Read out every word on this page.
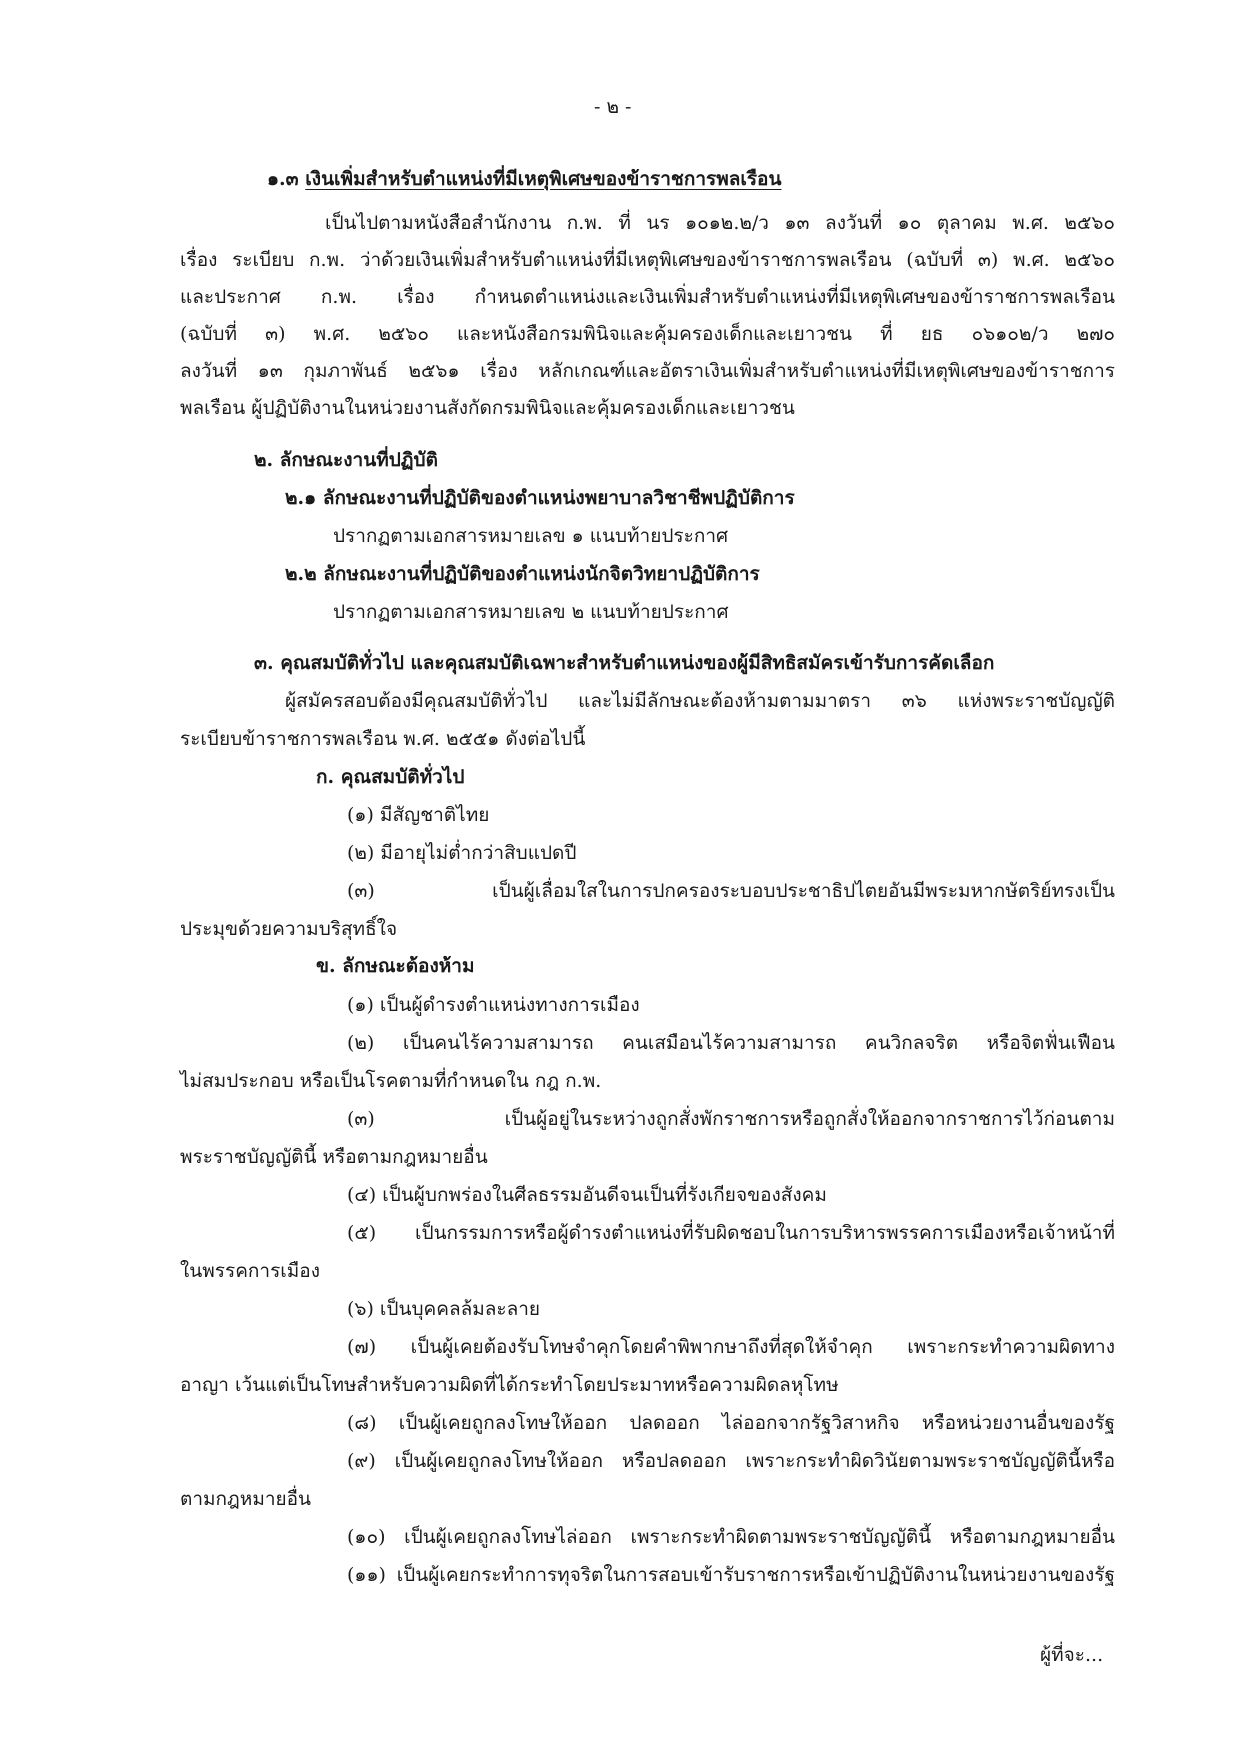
- ๒ -
๑.๓ เงินเพิ่มสำหรับตำแหน่งที่มีเหตุพิเศษของข้าราชการพลเรือน
เป็นไปตามหนังสือสำนักงาน ก.พ. ที่ นร ๑๐๑๒.๒/ว ๑๓ ลงวันที่ ๑๐ ตุลาคม พ.ศ. ๒๕๖๐
เรื่อง ระเบียบ ก.พ. ว่าด้วยเงินเพิ่มสำหรับตำแหน่งที่มีเหตุพิเศษของข้าราชการพลเรือน (ฉบับที่ ๓) พ.ศ. ๒๕๖๐
และประกาศ ก.พ. เรื่อง กำหนดตำแหน่งและเงินเพิ่มสำหรับตำแหน่งที่มีเหตุพิเศษของข้าราชการพลเรือน
(ฉบับที่ ๓) พ.ศ. ๒๕๖๐ และหนังสือกรมพินิจและคุ้มครองเด็กและเยาวชน ที่ ยธ ๐๖๑๐๒/ว ๒๗๐
ลงวันที่ ๑๓ กุมภาพันธ์ ๒๕๖๑ เรื่อง หลักเกณฑ์และอัตราเงินเพิ่มสำหรับตำแหน่งที่มีเหตุพิเศษของข้าราชการ
พลเรือน ผู้ปฏิบัติงานในหน่วยงานสังกัดกรมพินิจและคุ้มครองเด็กและเยาวชน
๒. ลักษณะงานที่ปฏิบัติ
๒.๑ ลักษณะงานที่ปฏิบัติของตำแหน่งพยาบาลวิชาชีพปฏิบัติการ
ปรากฏตามเอกสารหมายเลข ๑ แนบท้ายประกาศ
๒.๒ ลักษณะงานที่ปฏิบัติของตำแหน่งนักจิตวิทยาปฏิบัติการ
ปรากฏตามเอกสารหมายเลข ๒ แนบท้ายประกาศ
๓. คุณสมบัติทั่วไป และคุณสมบัติเฉพาะสำหรับตำแหน่งของผู้มีสิทธิสมัครเข้ารับการคัดเลือก
ผู้สมัครสอบต้องมีคุณสมบัติทั่วไป และไม่มีลักษณะต้องห้ามตามมาตรา ๓๖ แห่งพระราชบัญญัติ
ระเบียบข้าราชการพลเรือน พ.ศ. ๒๕๕๑ ดังต่อไปนี้
ก. คุณสมบัติทั่วไป
(๑) มีสัญชาติไทย
(๒) มีอายุไม่ต่ำกว่าสิบแปดปี
(๓) เป็นผู้เลื่อมใสในการปกครองระบอบประชาธิปไตยอันมีพระมหากษัตริย์ทรงเป็น
ประมุขด้วยความบริสุทธิ์ใจ
ข. ลักษณะต้องห้าม
(๑) เป็นผู้ดำรงตำแหน่งทางการเมือง
(๒) เป็นคนไร้ความสามารถ คนเสมือนไร้ความสามารถ คนวิกลจริต หรือจิตฟั่นเฟือน
ไม่สมประกอบ หรือเป็นโรคตามที่กำหนดใน กฎ ก.พ.
(๓) เป็นผู้อยู่ในระหว่างถูกสั่งพักราชการหรือถูกสั่งให้ออกจากราชการไว้ก่อนตาม
พระราชบัญญัตินี้ หรือตามกฎหมายอื่น
(๔) เป็นผู้บกพร่องในศีลธรรมอันดีจนเป็นที่รังเกียจของสังคม
(๕) เป็นกรรมการหรือผู้ดำรงตำแหน่งที่รับผิดชอบในการบริหารพรรคการเมืองหรือเจ้าหน้าที่
ในพรรคการเมือง
(๖) เป็นบุคคลล้มละลาย
(๗) เป็นผู้เคยต้องรับโทษจำคุกโดยคำพิพากษาถึงที่สุดให้จำคุก เพราะกระทำความผิดทาง
อาญา เว้นแต่เป็นโทษสำหรับความผิดที่ได้กระทำโดยประมาทหรือความผิดลหุโทษ
(๘) เป็นผู้เคยถูกลงโทษให้ออก ปลดออก ไล่ออกจากรัฐวิสาหกิจ หรือหน่วยงานอื่นของรัฐ
(๙) เป็นผู้เคยถูกลงโทษให้ออก หรือปลดออก เพราะกระทำผิดวินัยตามพระราชบัญญัตินี้หรือ
ตามกฎหมายอื่น
(๑๐) เป็นผู้เคยถูกลงโทษไล่ออก เพราะกระทำผิดตามพระราชบัญญัตินี้ หรือตามกฎหมายอื่น
(๑๑) เป็นผู้เคยกระทำการทุจริตในการสอบเข้ารับราชการหรือเข้าปฏิบัติงานในหน่วยงานของรัฐ
ผู้ที่จะ...
